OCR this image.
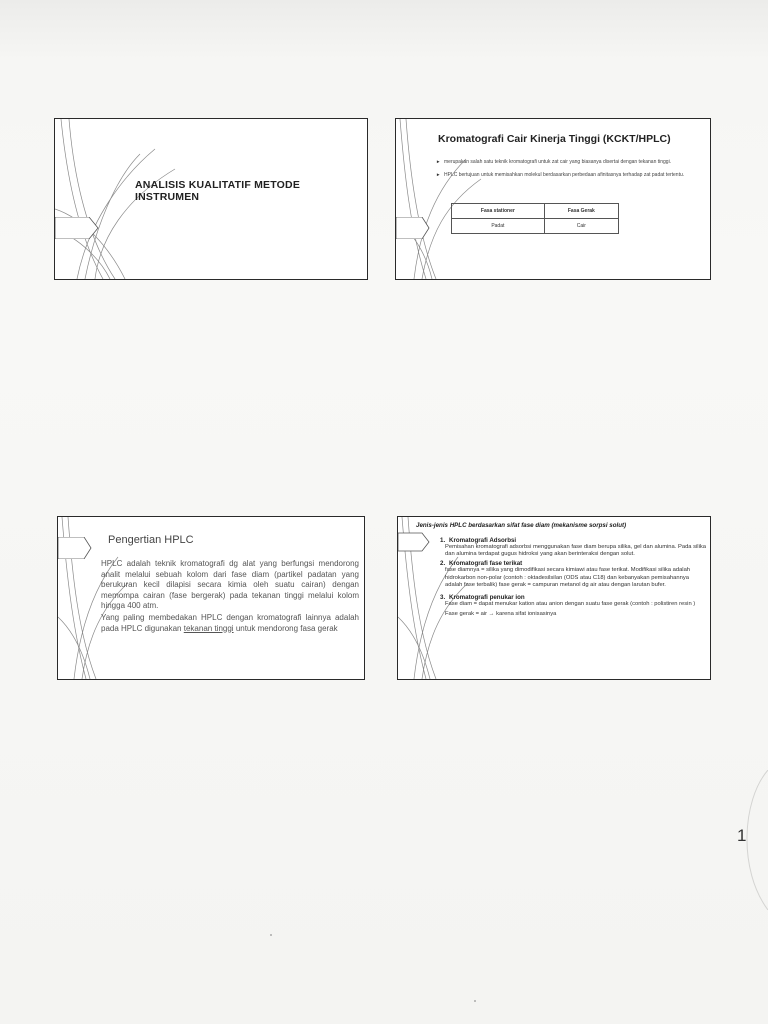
ANALISIS KUALITATIF METODE INSTRUMEN
Kromatografi Cair Kinerja Tinggi (KCKT/HPLC)
► merupakan salah satu teknik kromatografi untuk zat cair yang biasanya disertai dengan tekanan tinggi.
► HPLC bertujuan untuk memisahkan molekul berdasarkan perbedaan afinitasnya terhadap zat padat tertentu.
Fasa stationer	Fasa Gerak
Padat	Cair
Pengertian HPLC

HPLC adalah teknik kromatografi dg alat yang berfungsi mendorong analit melalui sebuah kolom dari fase diam (partikel padatan yang berukuran kecil dilapisi secara kimia oleh suatu cairan) dengan memompa cairan (fase bergerak) pada tekanan tinggi melalui kolom hingga 400 atm.

Yang paling membedakan HPLC dengan kromatografi lainnya adalah pada HPLC digunakan tekanan tinggi untuk mendorong fasa gerak

Jenis-jenis HPLC berdasarkan sifat fase diam (mekanisme sorpsi solut)
1. Kromatografi Adsorbsi
Pemisahan kromatografi adsorbsi menggunakan fase diam berupa silika, gel dan alumina. Pada silika dan alumina terdapat gugus hidroksi yang akan berinteraksi dengan solut.
2. Kromatografi fase terikat
fase diamnya = silika yang dimodifikasi secara kimiawi atau fase terikat. Modifikasi silika adalah hidrokarbon non-polar (contoh : oktadesilsilan (ODS atau C18) dan kebanyakan pemisahannya adalah fase terbalik) fase gerak = campuran metanol dg air atau dengan larutan bufer.
3. Kromatografi penukar ion
Fase diam = dapat menukar kation atau anion dengan suatu fase gerak (contoh : polistiren resin )
Fase gerak = air → karena sifat ionisasinya
1
